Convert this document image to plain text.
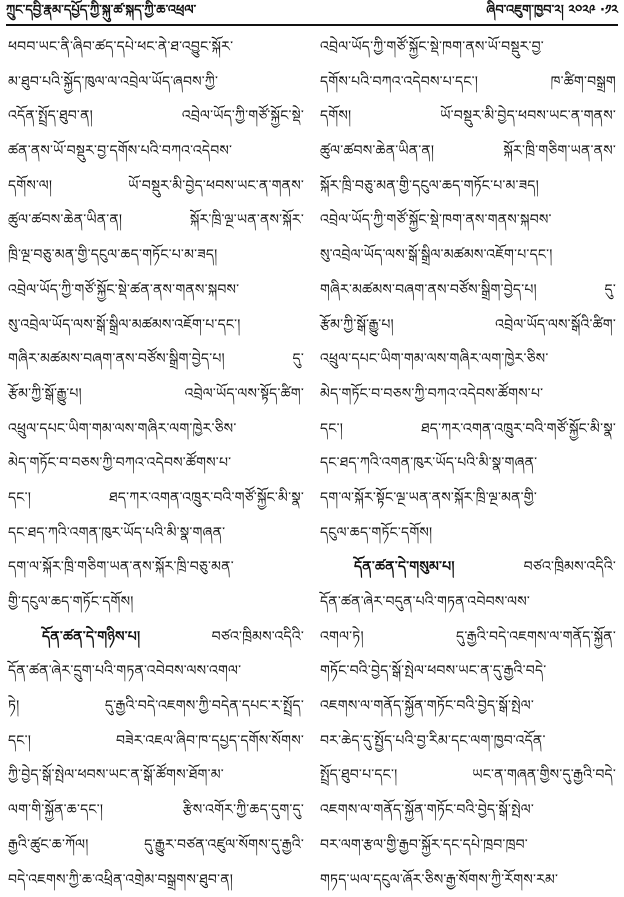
ཀྲུང་དབྱི་རྣམ་དཔྱོད་ཀྱི་སྐུ་ཚ་སྐད་ཀྱི་ཆ་འཕྲལ་	ཞིབ་འཇུག་ཁྱབ་༢། ༢༠༢༩ ·༡༢
ཕབབ་ཡང་ནི་ཞིབ་ཚད་དཔེ་ཕང་ནེ་ཐ་འབྱུང་སྐོར་
མ་ཐུབ་པའི་སྐྱོད་ཁུལ་ལ་འབྲེལ་ཡོད་ཞབས་ཀྱི་
འདོན་སྤྲོད་ཐུབ་ན། འབྲེལ་ཡོད་ཀྱི་གཙོ་སྐྱོང་སྡེ་
ཚན་ནས་ཡོ་བསྡུར་བྱ་དགོས་པའི་བཀའ་འདེབས་
དགོས་ལ། ཡོ་བསྡུར་མི་བྱེད་ཕབས་ཡང་ན་གནས་
ཚུལ་ཚབས་ཆེན་ཡིན་ན། སྐོར་ཁྲི་ལྔ་ཡན་ནས་སྐོར་
ཁྲི་ལྔ་བཅུ་མན་གྱི་དངུལ་ཆད་གཏོང་པ་མ་ཟད།
འབྲེལ་ཡོད་ཀྱི་གཙོ་སྐྱོང་སྡེ་ཚན་ནས་གནས་སྐབས་
སུ་འབྲེལ་ཡོད་ལས་སྒོ་སྒྲིལ་མཚམས་འཇོག་པ་དང་།
གཞིར་མཚམས་བཞག་ནས་བཙོས་སྒྲིག་བྱེད་པ། དུ་
རྩོམ་ཀྱི་སྒོ་རྒྱུ་པ། འབྲེལ་ཡོད་ལས་སྟོད་ཚིག་
འཕྲུལ་དཔང་ཡིག་གམ་ལས་གཞིར་ལག་ཁྱེར་ཅིས་
མེད་གཏོང་བ་བཅས་ཀྱི་བཀའ་འདེབས་ཚོགས་པ་
དང་། ཐད་ཀར་འགན་འཁྲུར་བའི་གཙོ་སྐྱོང་མི་སྣ་
དང་ཐད་ཀའི་འགན་ཁུར་ཡོད་པའི་མི་སྣ་གཞན་
དག་ལ་སྐོར་ཁྲི་གཅིག་ཡན་ནས་སྐོར་ཁྲི་བཅུ་མན་
གྱི་དངུལ་ཆད་གཏོང་དགོས།
དོན་ཚན་དེ་གཉིས་པ། བཙའ་ཁྲིམས་འདིའི་
དོན་ཚན་ཞེར་དྲུག་པའི་གཏན་འབེབས་ལས་འགལ་
ཏེ། དུ་རྒྱའི་བདེ་འཇགས་ཀྱི་བདེན་དཔང་ར་སྤྲོད་
དང་། བཟེར་འཇལ་ཞིབ་ཁ་དཔྱད་དགོས་སོགས་
ཀྱི་བྱེད་སྒོ་སྤེལ་ཕབས་ཡང་ན་སྒོ་ཚོགས་ཐོག་མ་
ལག་གི་སྐྱོན་ཆ་དང་། རྩིས་འགོར་ཀྱི་ཆད་དུག་དུ་
རྒྱའི་ཚུང་ཆ་ཀོལ། དུ་རྒྱུར་བཙན་འཛུལ་སོགས་དུ་རྒྱའི་
བདེ་འཇགས་ཀྱི་ཆ་འཕྲིན་འགྲེམ་བསྒྲགས་ཐུབ་ན།
འབྲེལ་ཡོད་ཀྱི་གཙོ་སྐྱོང་སྡེ་ཁག་ནས་ཡོ་བསྡུར་བྱ་
དགོས་པའི་བཀའ་འདེབས་པ་དང་། ཁ་ཚིག་བསྒྲག
དགོས། ཡོ་བསྡུར་མི་བྱེད་ཕབས་ཡང་ན་གནས་
ཚུལ་ཚབས་ཆེན་ཡིན་ན། སྐོར་ཁྲི་གཅིག་ཡན་ནས་
སྐོར་ཁྲི་བཅུ་མན་གྱི་དངུལ་ཆད་གཏོང་པ་མ་ཟད།
འབྲེལ་ཡོད་ཀྱི་གཙོ་སྐྱོང་སྡེ་ཁག་ནས་གནས་སྐབས་
སུ་འབྲེལ་ཡོད་ལས་སྒོ་སྒྲིལ་མཚམས་འཇོག་པ་དང་།
གཞིར་མཚམས་བཞག་ནས་བཙོས་སྒྲིག་བྱེད་པ། དུ་
རྩོམ་ཀྱི་སྒོ་རྒྱུ་པ། འབྲེལ་ཡོད་ལས་སྒོའི་ཚིག་
འཕྲུལ་དཔང་ཡིག་གམ་ལས་གཞིར་ལག་ཁྱེར་ཅིས་
མེད་གཏོང་བ་བཅས་ཀྱི་བཀའ་འདེབས་ཚོགས་པ་
དང་། ཐད་ཀར་འགན་འཁྲུར་བའི་གཙོ་སྐྱོང་མི་སྣ་
དང་ཐད་ཀའི་འགན་ཁུར་ཡོད་པའི་མི་སྣ་གཞན་
དག་ལ་སྐོར་སྟོང་ལྔ་ཡན་ནས་སྐོར་ཁྲི་ལྔ་མན་གྱི་
དངུལ་ཆད་གཏོང་དགོས།
དོན་ཚན་དེ་གསུམ་པ། བཙའ་ཁྲིམས་འདིའི་
དོན་ཚན་ཞེར་བདུན་པའི་གཏན་འབེབས་ལས་
འགལ་ཏེ། དུ་རྒྱའི་བདེ་འཇགས་ལ་གནོད་སྐྱོན་
གཏོང་བའི་བྱེད་སྒོ་སྤེལ་ཕབས་ཡང་ན་དུ་རྒྱའི་བདེ་
འཇགས་ལ་གནོད་སྐྱོན་གཏོང་བའི་བྱེད་སྒོ་སྤེལ་
བར་ཆེད་དུ་སྤྱོད་པའི་བྱ་རིམ་དང་ལག་ཁྱབ་འདོན་
སྤྲོད་ཐུབ་པ་དང་། ཡང་ན་གཞན་གྱིས་དུ་རྒྱའི་བདེ་
འཇགས་ལ་གནོད་སྐྱོན་གཏོང་བའི་བྱེད་སྒོ་སྤེལ་
བར་ལག་རྩལ་གྱི་རྒྱབ་སྐྱོར་དང་དཔེ་ཁྲབ་ཁྲབ་
གཏད་ཡལ་དངུལ་ཞོར་ཅིས་རྒྱ་སོགས་ཀྱི་རོགས་རམ་
